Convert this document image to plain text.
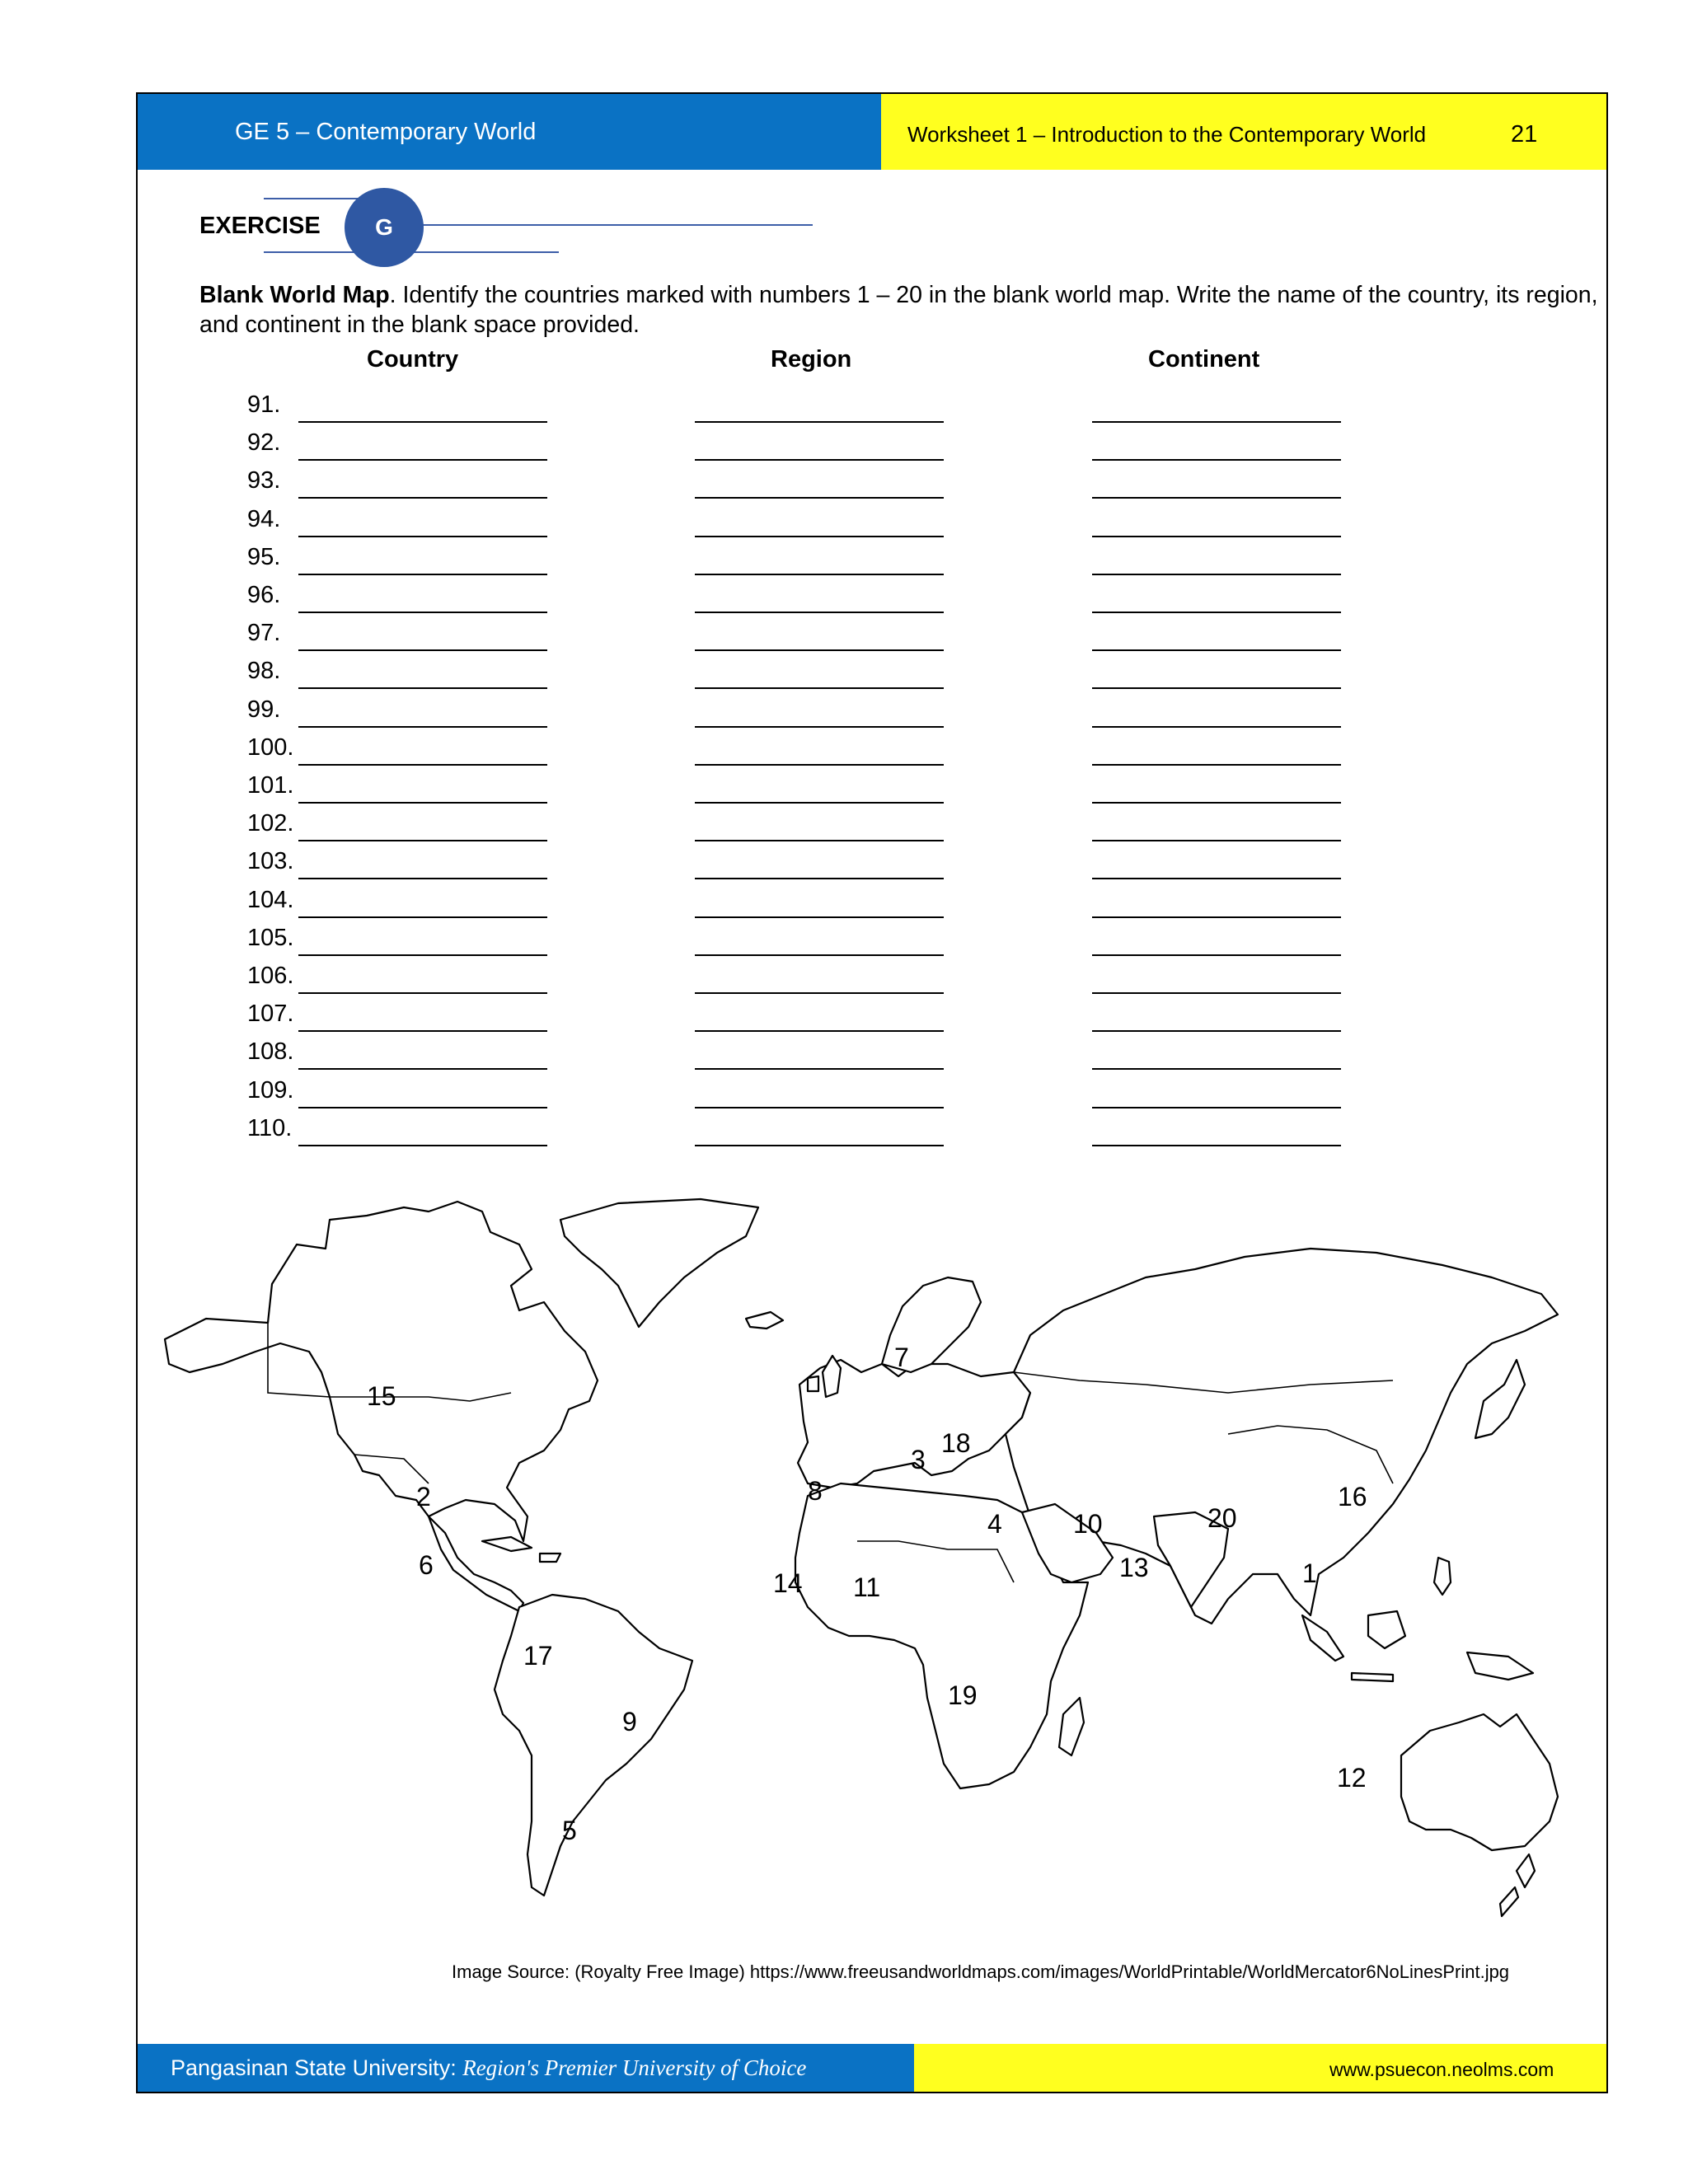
GE 5 – Contemporary World	Worksheet 1 – Introduction to the Contemporary World	21
EXERCISE	G
Blank World Map. Identify the countries marked with numbers 1 – 20 in the blank world map. Write the name of the country, its region, and continent in the blank space provided.
Country	Region	Continent
91.
92.
93.
94.
95.
96.
97.
98.
99.
100.
101.
102.
103.
104.
105.
106.
107.
108.
109.
110.
1
2
3
4
5
6
7
8
9
10
11
12
13
14
15
16
17
18
19
20
Image Source: (Royalty Free Image) https://www.freeusandworldmaps.com/images/WorldPrintable/WorldMercator6NoLinesPrint.jpg
Pangasinan State University: Region's Premier University of Choice	www.psuecon.neolms.com
